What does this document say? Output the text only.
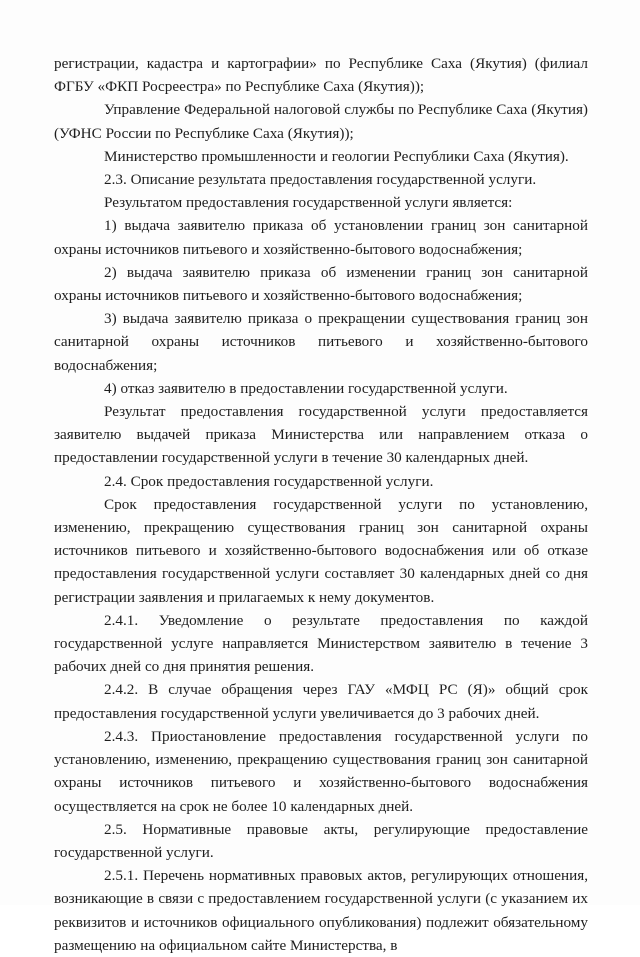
регистрации, кадастра и картографии» по Республике Саха (Якутия) (филиал ФГБУ «ФКП Росреестра» по Республике Саха (Якутия));

Управление Федеральной налоговой службы по Республике Саха (Якутия) (УФНС России по Республике Саха (Якутия));

Министерство промышленности и геологии Республики Саха (Якутия).

2.3. Описание результата предоставления государственной услуги.

Результатом предоставления государственной услуги является:

1) выдача заявителю приказа об установлении границ зон санитарной охраны источников питьевого и хозяйственно-бытового водоснабжения;

2) выдача заявителю приказа об изменении границ зон санитарной охраны источников питьевого и хозяйственно-бытового водоснабжения;

3) выдача заявителю приказа о прекращении существования границ зон санитарной охраны источников питьевого и хозяйственно-бытового водоснабжения;

4) отказ заявителю в предоставлении государственной услуги.

Результат предоставления государственной услуги предоставляется заявителю выдачей приказа Министерства или направлением отказа о предоставлении государственной услуги в течение 30 календарных дней.

2.4. Срок предоставления государственной услуги.

Срок предоставления государственной услуги по установлению, изменению, прекращению существования границ зон санитарной охраны источников питьевого и хозяйственно-бытового водоснабжения или об отказе предоставления государственной услуги составляет 30 календарных дней со дня регистрации заявления и прилагаемых к нему документов.

2.4.1. Уведомление о результате предоставления по каждой государственной услуге направляется Министерством заявителю в течение 3 рабочих дней со дня принятия решения.

2.4.2. В случае обращения через ГАУ «МФЦ РС (Я)» общий срок предоставления государственной услуги увеличивается до 3 рабочих дней.

2.4.3. Приостановление предоставления государственной услуги по установлению, изменению, прекращению существования границ зон санитарной охраны источников питьевого и хозяйственно-бытового водоснабжения осуществляется на срок не более 10 календарных дней.

2.5. Нормативные правовые акты, регулирующие предоставление государственной услуги.

2.5.1. Перечень нормативных правовых актов, регулирующих отношения, возникающие в связи с предоставлением государственной услуги (с указанием их реквизитов и источников официального опубликования) подлежит обязательному размещению на официальном сайте Министерства, в
